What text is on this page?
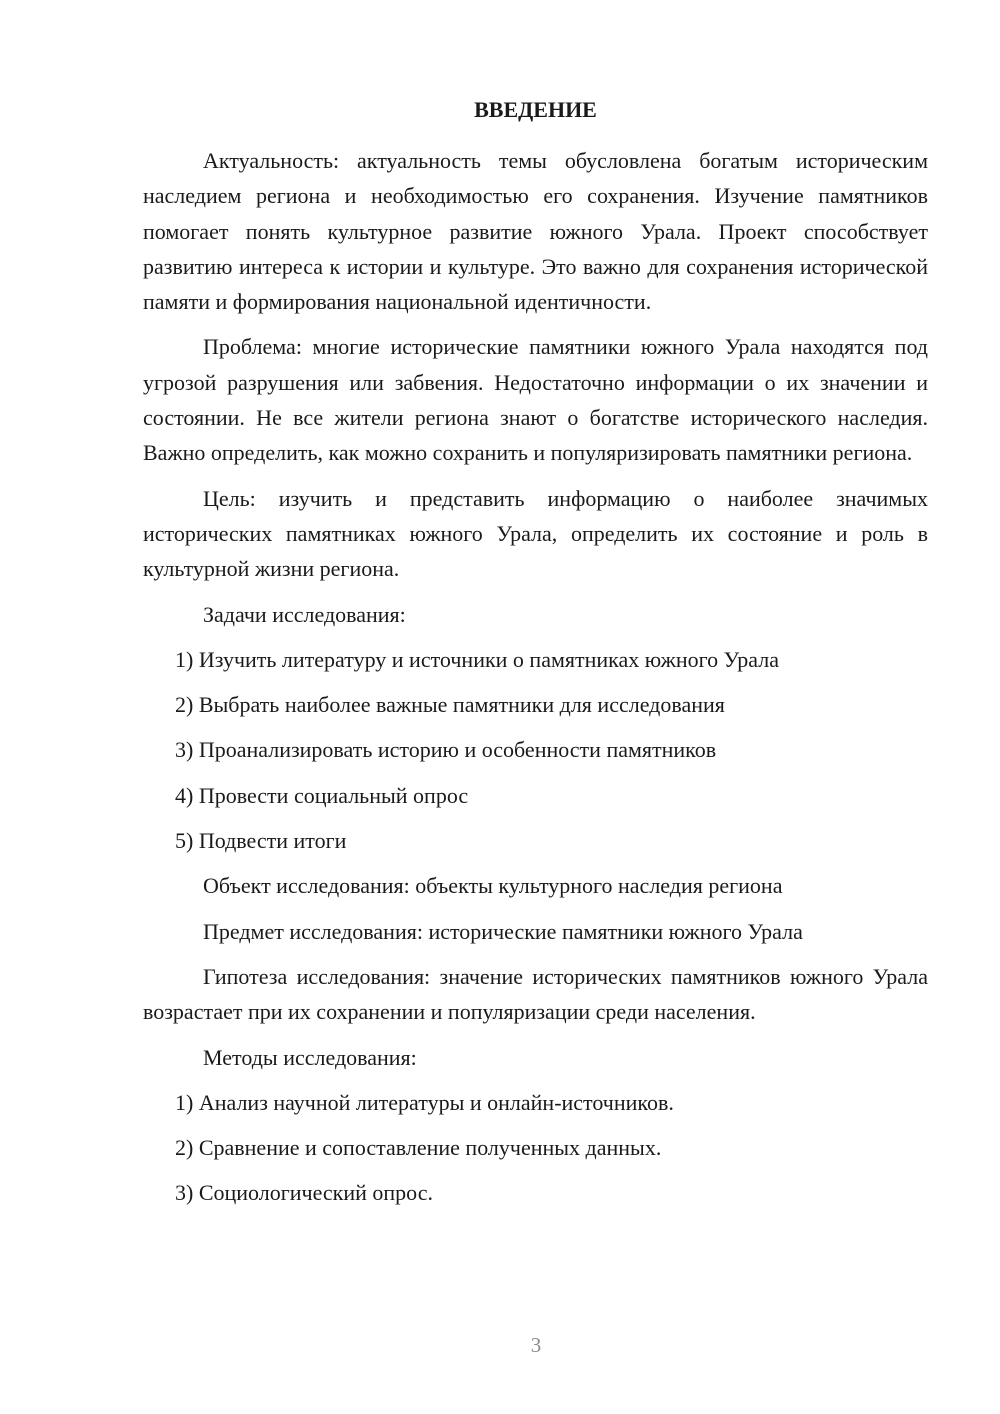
ВВЕДЕНИЕ

Актуальность: актуальность темы обусловлена богатым историческим наследием региона и необходимостью его сохранения. Изучение памятников помогает понять культурное развитие южного Урала. Проект способствует развитию интереса к истории и культуре. Это важно для сохранения исторической памяти и формирования национальной идентичности.

Проблема: многие исторические памятники южного Урала находятся под угрозой разрушения или забвения. Недостаточно информации о их значении и состоянии. Не все жители региона знают о богатстве исторического наследия. Важно определить, как можно сохранить и популяризировать памятники региона.

Цель: изучить и представить информацию о наиболее значимых исторических памятниках южного Урала, определить их состояние и роль в культурной жизни региона.

Задачи исследования:
1) Изучить литературу и источники о памятниках южного Урала
2) Выбрать наиболее важные памятники для исследования
3) Проанализировать историю и особенности памятников
4) Провести социальный опрос
5) Подвести итоги
Объект исследования: объекты культурного наследия региона
Предмет исследования: исторические памятники южного Урала

Гипотеза исследования: значение исторических памятников южного Урала возрастает при их сохранении и популяризации среди населения.

Методы исследования:
1) Анализ научной литературы и онлайн-источников.
2) Сравнение и сопоставление полученных данных.
3) Социологический опрос.
3
